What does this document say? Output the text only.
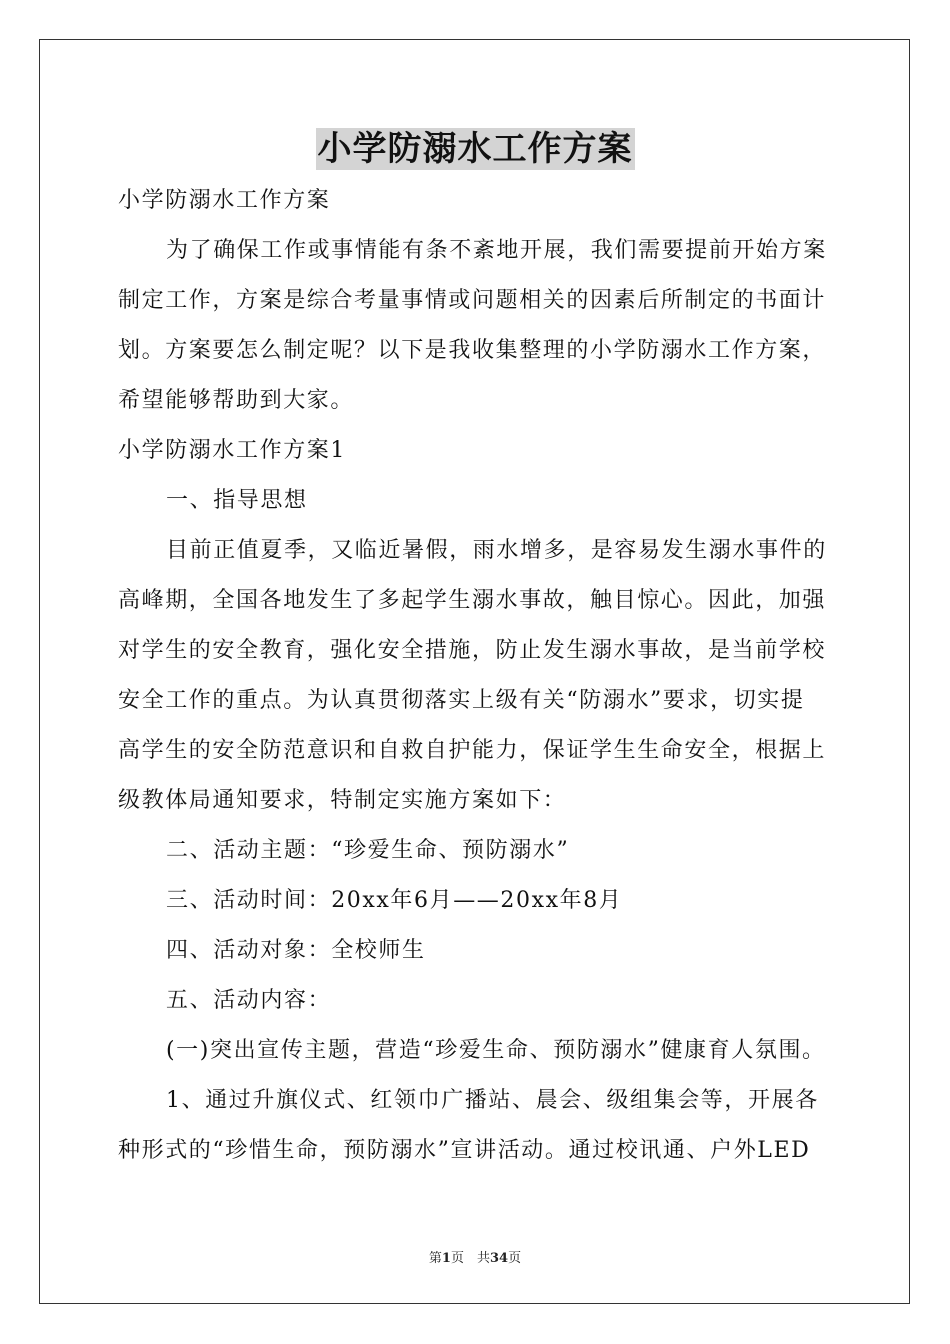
小学防溺水工作方案
小学防溺水工作方案
为了确保工作或事情能有条不紊地开展，我们需要提前开始方案
制定工作，方案是综合考量事情或问题相关的因素后所制定的书面计
划。方案要怎么制定呢？以下是我收集整理的小学防溺水工作方案，
希望能够帮助到大家。
小学防溺水工作方案1
一、指导思想
目前正值夏季，又临近暑假，雨水增多，是容易发生溺水事件的
高峰期，全国各地发生了多起学生溺水事故，触目惊心。因此，加强
对学生的安全教育，强化安全措施，防止发生溺水事故，是当前学校
安全工作的重点。为认真贯彻落实上级有关“防溺水”要求，切实提
高学生的安全防范意识和自救自护能力，保证学生生命安全，根据上
级教体局通知要求，特制定实施方案如下：
二、活动主题：“珍爱生命、预防溺水”
三、活动时间：20xx年6月——20xx年8月
四、活动对象：全校师生
五、活动内容：
(一)突出宣传主题，营造“珍爱生命、预防溺水”健康育人氛围。
1、通过升旗仪式、红领巾广播站、晨会、级组集会等，开展各
种形式的“珍惜生命，预防溺水”宣讲活动。通过校讯通、户外LED
第1页　共34页
